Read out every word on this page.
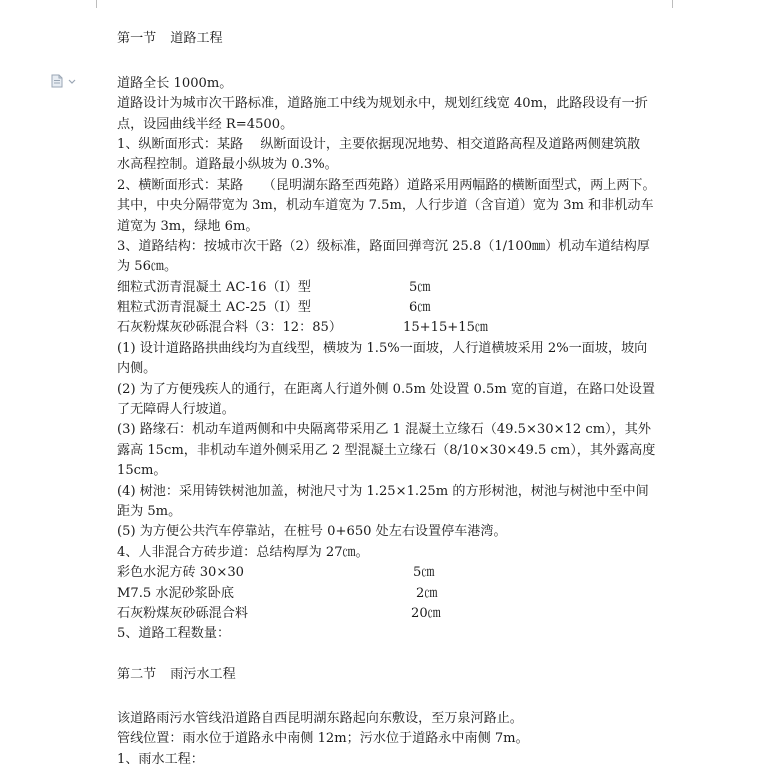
第一节 道路工程
道路全长 1000m。
道路设计为城市次干路标准，道路施工中线为规划永中，规划红线宽 40m，此路段设有一折
点，设园曲线半经 R=4500。
1、纵断面形式：某路　 纵断面设计，主要依据现况地势、相交道路高程及道路两侧建筑散
水高程控制。道路最小纵坡为 0.3%。
2、横断面形式：某路　　（昆明湖东路至西苑路）道路采用两幅路的横断面型式，两上两下。
其中，中央分隔带宽为 3m，机动车道宽为 7.5m，人行步道（含盲道）宽为 3m 和非机动车
道宽为 3m，绿地 6m。
3、道路结构：按城市次干路（2）级标准，路面回弹弯沉 25.8（1/100㎜）机动车道结构厚
为 56㎝。
细粒式沥青混凝土 AC-16（Ⅰ）型	5㎝
粗粒式沥青混凝土 AC-25（Ⅰ）型	6㎝
石灰粉煤灰砂砾混合料（3：12：85）	15+15+15㎝
(1) 设计道路路拱曲线均为直线型，横坡为 1.5%一面坡，人行道横坡采用 2%一面坡，坡向
内侧。
(2) 为了方便残疾人的通行，在距离人行道外侧 0.5m 处设置 0.5m 宽的盲道，在路口处设置
了无障碍人行坡道。
(3) 路缘石：机动车道两侧和中央隔离带采用乙 1 混凝土立缘石（49.5×30×12 cm），其外
露高 15cm，非机动车道外侧采用乙 2 型混凝土立缘石（8/10×30×49.5 cm），其外露高度
15cm。
(4) 树池：采用铸铁树池加盖，树池尺寸为 1.25×1.25m 的方形树池，树池与树池中至中间
距为 5m。
(5) 为方便公共汽车停靠站，在桩号 0+650 处左右设置停车港湾。
4、人非混合方砖步道：总结构厚为 27㎝。
彩色水泥方砖 30×30	5㎝
M7.5 水泥砂浆卧底	2㎝
石灰粉煤灰砂砾混合料	20㎝
5、道路工程数量：
第二节 雨污水工程
该道路雨污水管线沿道路自西昆明湖东路起向东敷设，至万泉河路止。
管线位置：雨水位于道路永中南侧 12m；污水位于道路永中南侧 7m。
1、雨水工程：
